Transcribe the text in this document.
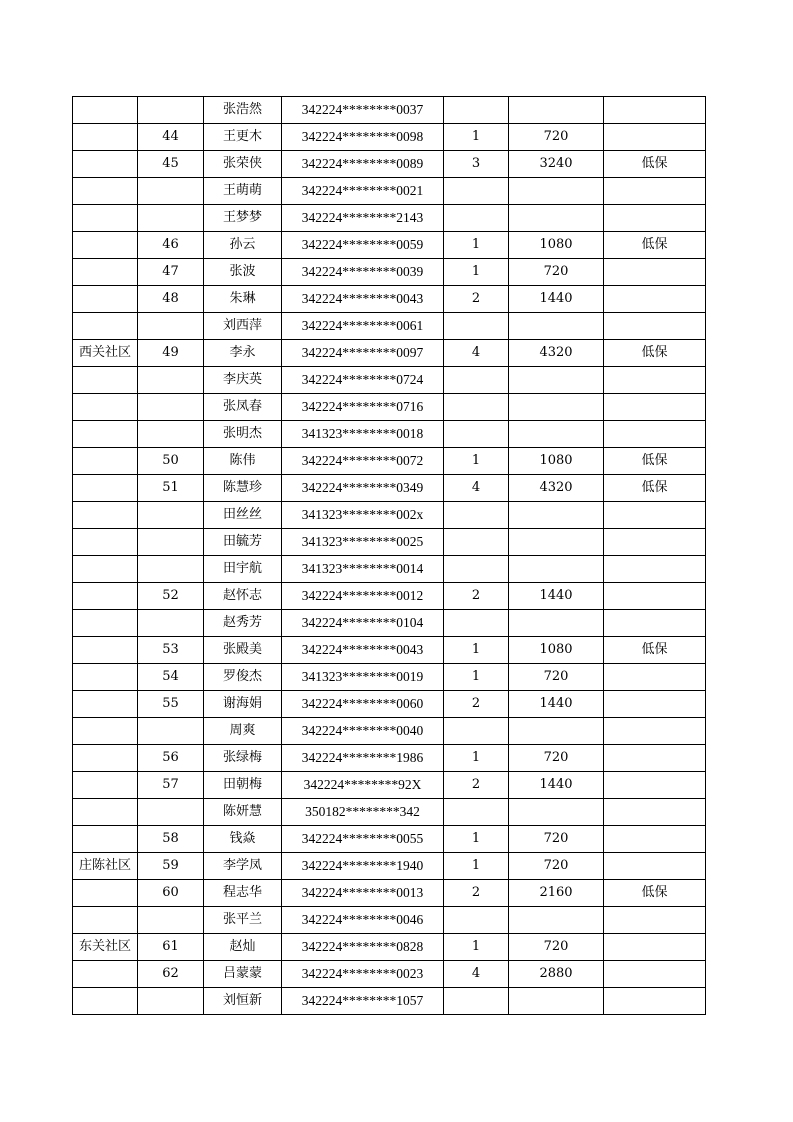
		张浩然	342224********0037			
	44	王更木	342224********0098	1	720	
	45	张荣侠	342224********0089	3	3240	低保
		王萌萌	342224********0021			
		王梦梦	342224********2143			
	46	孙云	342224********0059	1	1080	低保
	47	张波	342224********0039	1	720	
	48	朱琳	342224********0043	2	1440	
		刘西萍	342224********0061			
西关社区	49	李永	342224********0097	4	4320	低保
		李庆英	342224********0724			
		张凤春	342224********0716			
		张明杰	341323********0018			
	50	陈伟	342224********0072	1	1080	低保
	51	陈慧珍	342224********0349	4	4320	低保
		田丝丝	341323********002x			
		田毓芳	341323********0025			
		田宇航	341323********0014			
	52	赵怀志	342224********0012	2	1440	
		赵秀芳	342224********0104			
	53	张殿美	342224********0043	1	1080	低保
	54	罗俊杰	341323********0019	1	720	
	55	谢海娟	342224********0060	2	1440	
		周爽	342224********0040			
	56	张绿梅	342224********1986	1	720	
	57	田朝梅	342224********92X	2	1440	
		陈妍慧	350182********342			
	58	钱焱	342224********0055	1	720	
庄陈社区	59	李学凤	342224********1940	1	720	
	60	程志华	342224********0013	2	2160	低保
		张平兰	342224********0046			
东关社区	61	赵灿	342224********0828	1	720	
	62	吕蒙蒙	342224********0023	4	2880	
		刘恒新	342224********1057			
